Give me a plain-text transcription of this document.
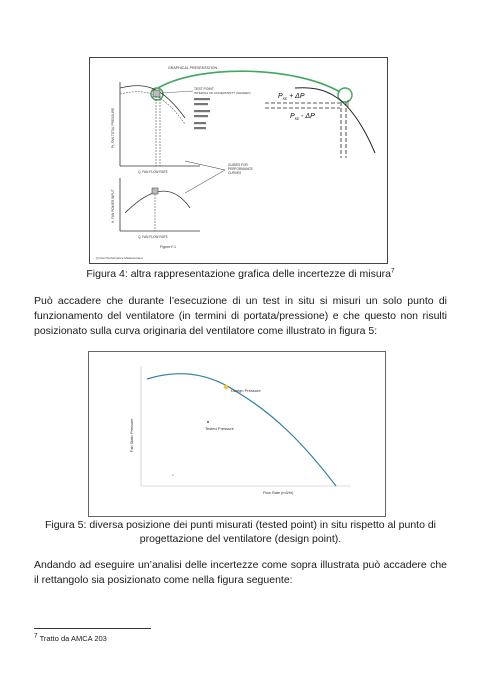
GRAPHICAL PRESENTATION
Pt, FAN TOTAL PRESSURE
Q, FAN FLOW RATE
TEST POINT
INTERVAL OF UNCERTAINTY (SHADED)
GUIDES FOR
PERFORMANCE
CURVES
H, FAN POWER INPUT
Q, FAN FLOW RATE
Figure F.1
(c) Fan Performance Measurement
$P_{sc} + \Delta P$
$P_{sc}$ - ΔP
Figura 4: altra rappresentazione grafica delle incertezze di misura$^7$
Può accadere che durante l’esecuzione di un test in situ si misuri un solo punto di funzionamento del ventilatore (in termini di portata/pressione) e che questo non risulti posizionato sulla curva originaria del ventilatore come illustrato in figura 5:
Design Pressure
Tested Pressure
Flow Rate (m3/hr)
Fan Static Pressure
Figura 5: diversa posizione dei punti misurati (tested point) in situ rispetto al punto di
progettazione del ventilatore (design point).
Andando ad eseguire un’analisi delle incertezze come sopra illustrata può accadere che il rettangolo sia posizionato come nella figura seguente:
$^7$ Tratto da AMCA 203
